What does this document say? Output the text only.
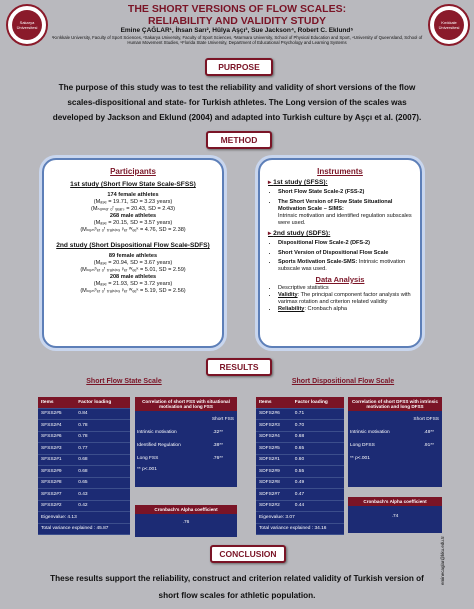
Sakarya Üniversitesi
Kırıkkale Üniversitesi
THE SHORT VERSIONS OF FLOW SCALES:
RELIABILITY AND VALIDITY STUDY
Emine ÇAĞLAR¹, İhsan Sarı², Hülya Aşçı³, Sue Jackson⁴, Robert C. Eklund⁵
¹Kırıkkale University, Faculty of Sport Sciences, ²Sakarya University, Faculty of Sport Sciences, ³Marmara University, School of Physical Education and Sport, ⁴University of Queensland, School of Human Movement Studies, ⁵Florida State University, Department of Educational Psychology and Learning Systems
PURPOSE
The purpose of this study was to test the reliability and validity of short versions of the flow scales-dispositional and state- for Turkish athletes. The Long version of the scales was developed by Jackson and Eklund (2004) and adapted into Turkish culture by Aşçı et al. (2007).
METHOD
Participants
1st study (Short Flow State Scale-SFSS)
174 female athletes
(Mₐ₉ₑ = 19.71, SD = 3.23 years)
(Mₙᵤₘₑᵣ ₒᶠ ᵧₑₐᵣₛ = 20.43, SD = 2.43)
268 male athletes
(Mₐ₉ₑ = 20.15, SD = 3.57 years)
(Mₙᵤₘᵇₑᵣ ₒᶠ ₜᵣₐᵢₙᵢₙ₉ ᵖₑᵣ ᵂₑₑᵏ = 4.76, SD = 2.38)
2nd study (Short Dispositional Flow Scale-SDFS)
89 female athletes
(Mₐ₉ₑ = 20.94, SD = 3.67 years)
(Mₙᵤₘᵇₑᵣ ₒᶠ ₜᵣₐᵢₙᵢₙ₉ ᵖₑᵣ ᵂₑₑᵏ = 5.01, SD = 2.59)
208 male athletes
(Mₐ₉ₑ = 21.93, SD = 3.72 years)
(Mₙᵤₘᵇₑᵣ ₒᶠ ₜᵣₐᵢₙᵢₙ₉ ᵖₑᵣ ᵂₑₑᵏ = 5.19, SD = 2.56)
Instruments
▸ 1st study (SFSS):
• Short Flow State Scale-2 (FSS-2)
• The Short Version of Flow State Situational Motivation Scale – SIMS:
Intrinsic motivation and identified regulation subscales were used.
▸ 2nd study (SDFS):
• Dispositional Flow Scale-2 (DFS-2)
• Short Version of Dispositional Flow Scale
• Sports Motivation Scale-SMS: Intrinsic motivation subscale was used.
Data Analysis
• Descriptive statistics
• Validity: The principal component factor analysis with varimax rotation and criterion related validity
• Reliability: Cronbach alpha
RESULTS
Short Flow State Scale	Short Dispositional Flow Scale
Items	Factor loading
SFSS2#5	0.84
SFSS2#4	0.78
SFSS2#6	0.78
SFSS2#3	0.77
SFSS2#1	0.68
SFSS2#9	0.68
SFSS2#8	0.65
SFSS2#7	0.43
SFSS2#2	0.42
Eigenvalue: 4.13	
Total variance explained : 45.87	
Correlation of short FSS with situational motivation and long FSS
Short FSS
Intrinsic motivation	.32**
Identified Regulation	.38**
Long FSS	.76**
** p<.001
Cronbach's Alpha coefficient
.76
Items	Factor loading
SDFS2#6	0.71
SDFS2#3	0.70
SDFS2#4	0.68
SDFS2#5	0.65
SDFS2#1	0.60
SDFS2#9	0.55
SDFS2#8	0.49
SDFS2#7	0.47
SDFS2#2	0.44
Eigenvalue: 3.07	
Total variance explained : 34.16	
Correlation of short DFSS with intrinsic motivation and long DFSS
Short DFSS
Intrinsic motivation	.48**
Long DFSS	.91**
** p<.001
Cronbach's Alpha coefficient
.74
CONCLUSION
These results support the reliability, construct and criterion related validity of Turkish version of short flow scales for athletic population.
eminecaglar@kku.edu.tr
